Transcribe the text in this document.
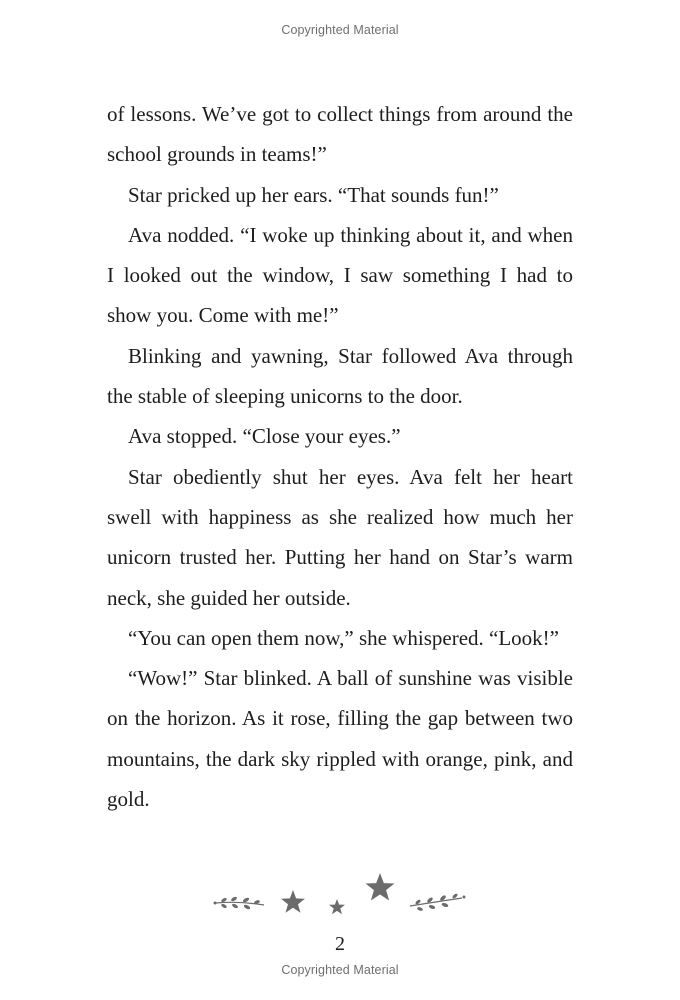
Copyrighted Material

of lessons. We’ve got to collect things from around the school grounds in teams!”

Star pricked up her ears. “That sounds fun!”

Ava nodded. “I woke up thinking about it, and when I looked out the window, I saw something I had to show you. Come with me!”

Blinking and yawning, Star followed Ava through the stable of sleeping unicorns to the door.

Ava stopped. “Close your eyes.”

Star obediently shut her eyes. Ava felt her heart swell with happiness as she realized how much her unicorn trusted her. Putting her hand on Star’s warm neck, she guided her outside.

“You can open them now,” she whispered. “Look!”

“Wow!” Star blinked. A ball of sunshine was visible on the horizon. As it rose, filling the gap between two mountains, the dark sky rippled with orange, pink, and gold.

2
Copyrighted Material
